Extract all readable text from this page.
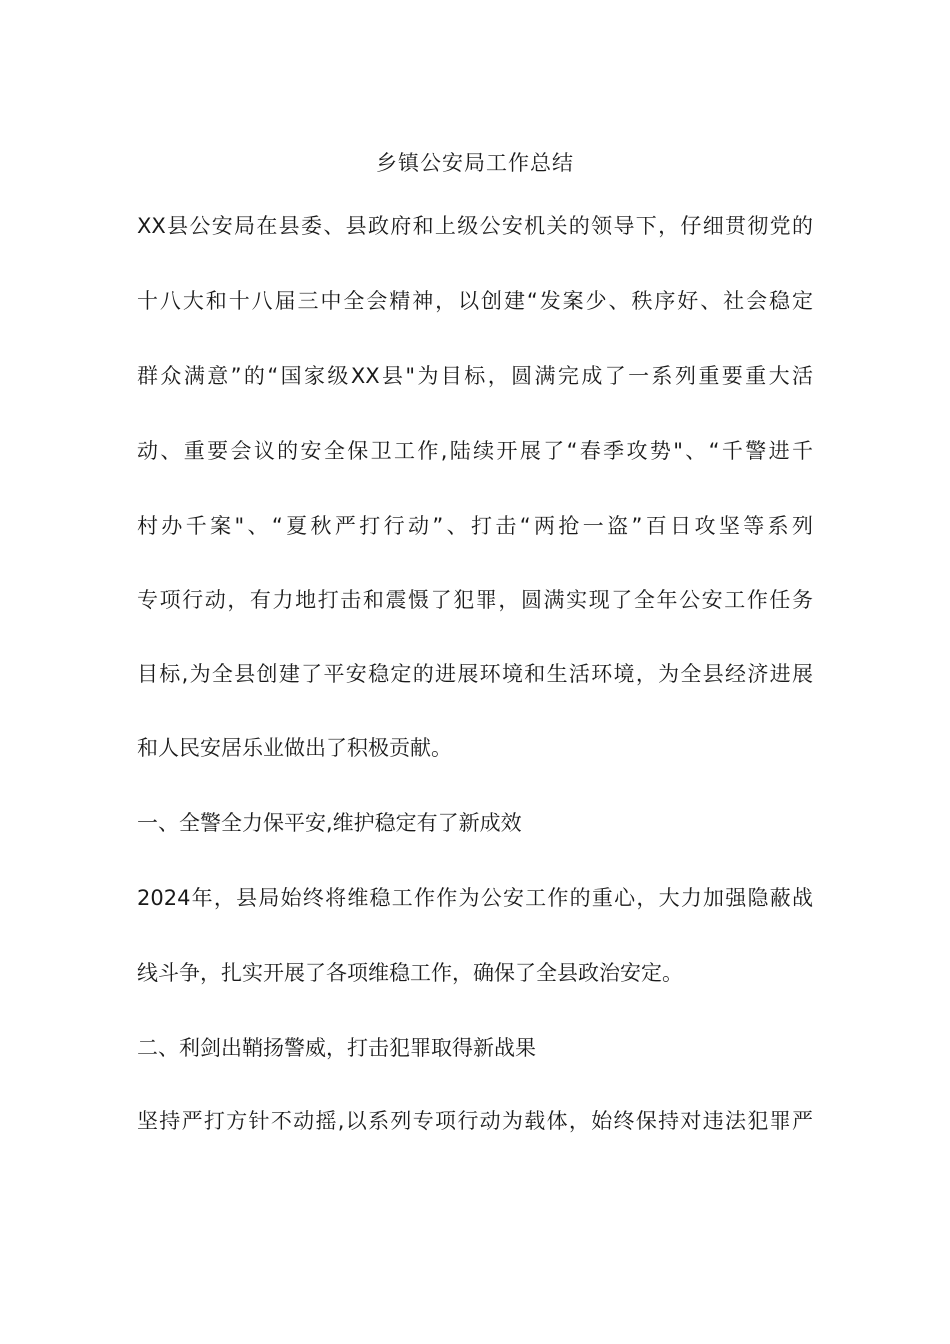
乡镇公安局工作总结
XX县公安局在县委、县政府和上级公安机关的领导下，仔细贯彻党的
十八大和十八届三中全会精神，以创建“发案少、秩序好、社会稳定
群众满意”的“国家级XX县"为目标，圆满完成了一系列重要重大活
动、重要会议的安全保卫工作,陆续开展了“春季攻势"、“千警进千
村办千案"、“夏秋严打行动”、打击“两抢一盗”百日攻坚等系列
专项行动，有力地打击和震慑了犯罪，圆满实现了全年公安工作任务
目标,为全县创建了平安稳定的进展环境和生活环境，为全县经济进展
和人民安居乐业做出了积极贡献。
一、全警全力保平安,维护稳定有了新成效
2024年，县局始终将维稳工作作为公安工作的重心，大力加强隐蔽战
线斗争，扎实开展了各项维稳工作，确保了全县政治安定。
二、利剑出鞘扬警威，打击犯罪取得新战果
坚持严打方针不动摇,以系列专项行动为载体，始终保持对违法犯罪严
